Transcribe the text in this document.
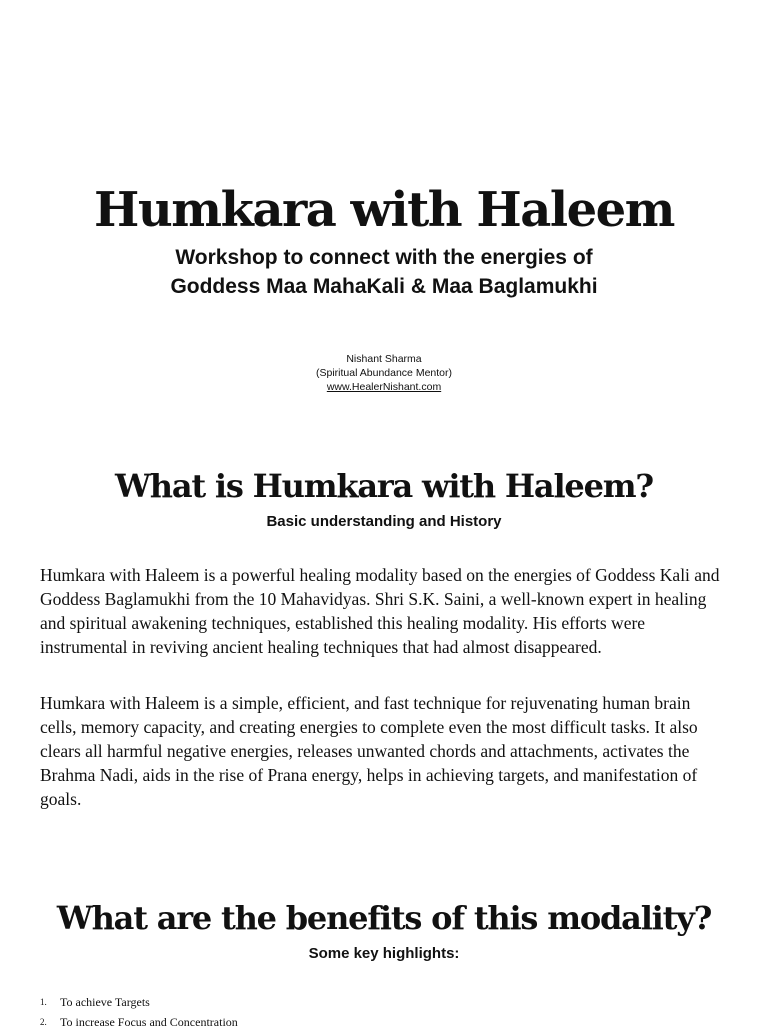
Humkara with Haleem
Workshop to connect with the energies of
Goddess Maa MahaKali & Maa Baglamukhi
Nishant Sharma
(Spiritual Abundance Mentor)
www.HealerNishant.com
What is Humkara with Haleem?

Basic understanding and History

Humkara with Haleem is a powerful healing modality based on the energies of Goddess Kali and Goddess Baglamukhi from the 10 Mahavidyas. Shri S.K. Saini, a well-known expert in healing and spiritual awakening techniques, established this healing modality. His efforts were instrumental in reviving ancient healing techniques that had almost disappeared.

Humkara with Haleem is a simple, efficient, and fast technique for rejuvenating human brain cells, memory capacity, and creating energies to complete even the most difficult tasks. It also clears all harmful negative energies, releases unwanted chords and attachments, activates the Brahma Nadi, aids in the rise of Prana energy, helps in achieving targets, and manifestation of goals.

What are the benefits of this modality?

Some key highlights:

1.	To achieve Targets
2.	To increase Focus and Concentration
